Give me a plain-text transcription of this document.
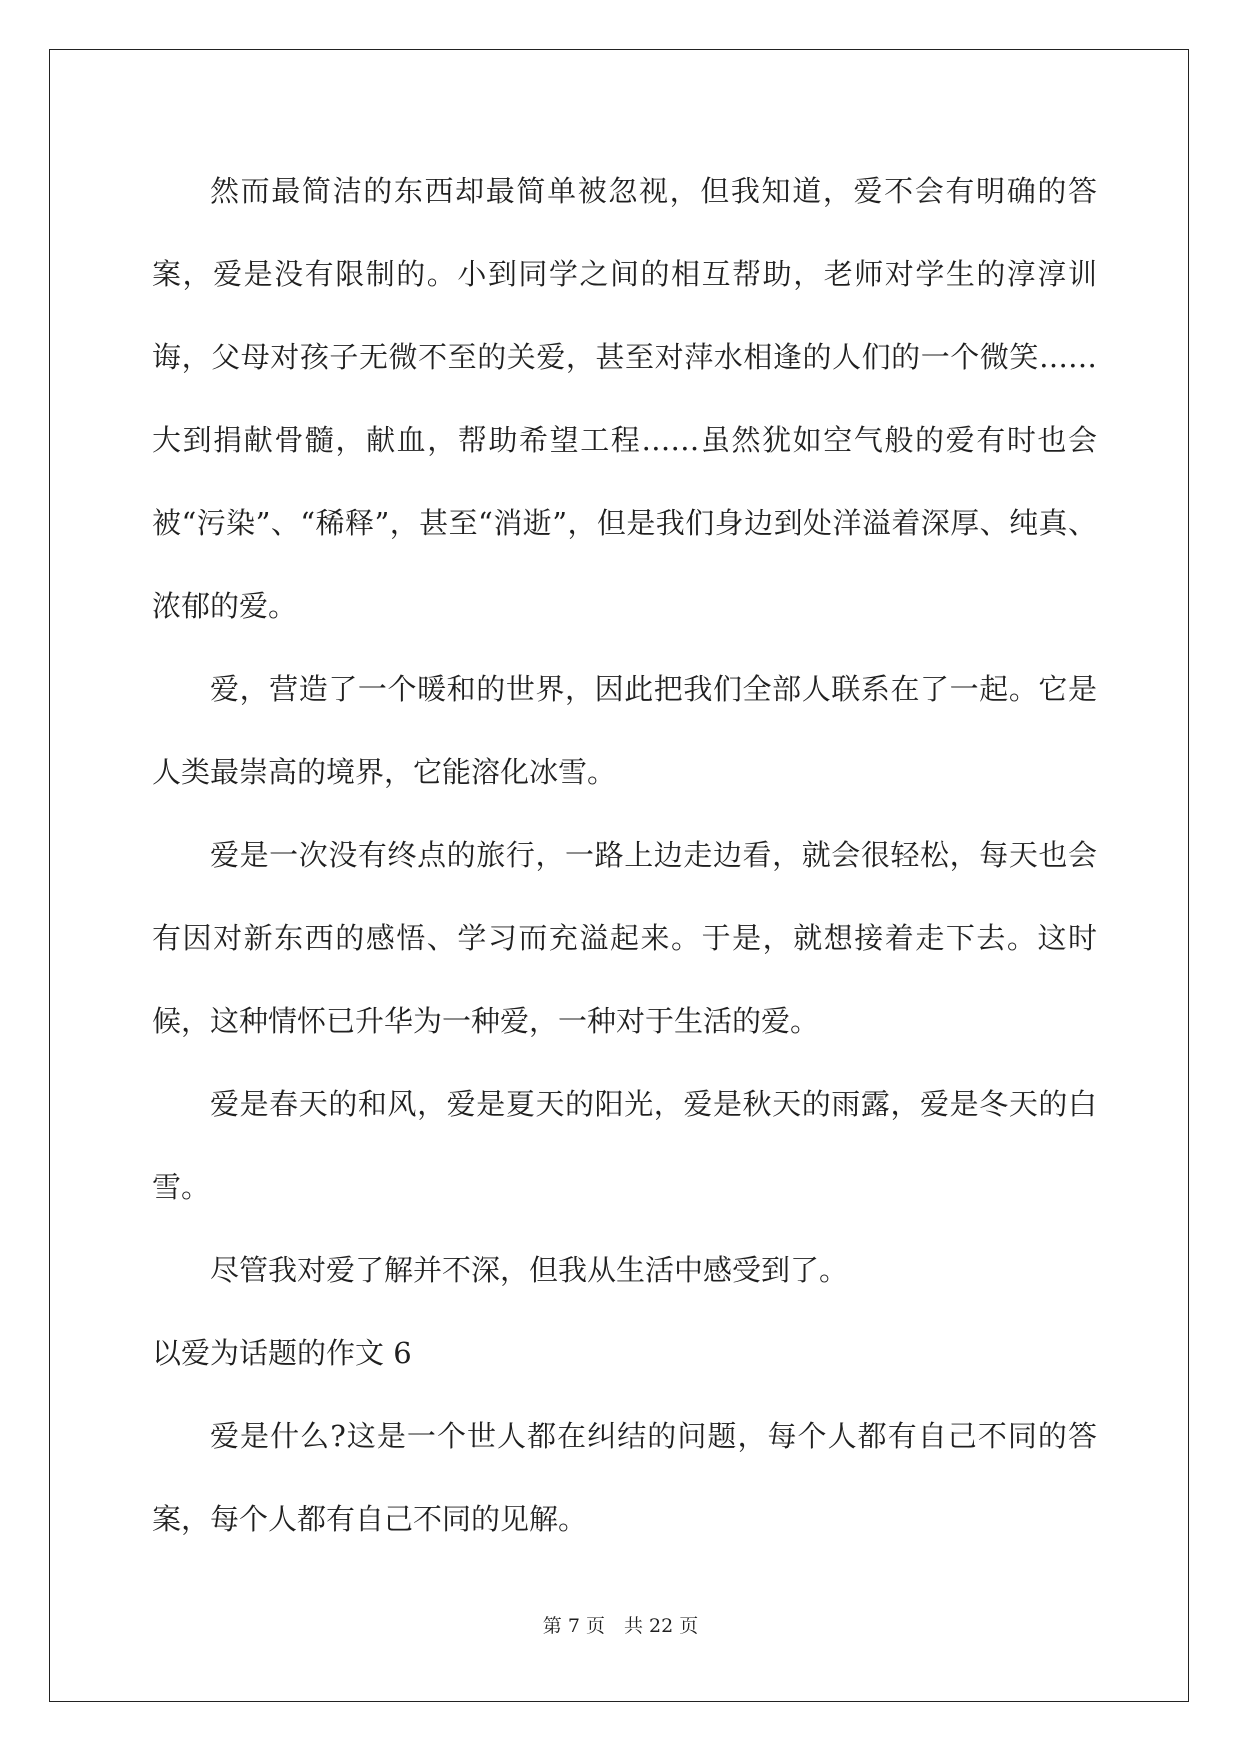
然而最简洁的东西却最简单被忽视，但我知道，爱不会有明确的答案，爱是没有限制的。小到同学之间的相互帮助，老师对学生的淳淳训诲，父母对孩子无微不至的关爱，甚至对萍水相逢的人们的一个微笑……大到捐献骨髓，献血，帮助希望工程……虽然犹如空气般的爱有时也会被“污染”、“稀释”，甚至“消逝”，但是我们身边到处洋溢着深厚、纯真、浓郁的爱。

爱，营造了一个暖和的世界，因此把我们全部人联系在了一起。它是人类最崇高的境界，它能溶化冰雪。

爱是一次没有终点的旅行，一路上边走边看，就会很轻松，每天也会有因对新东西的感悟、学习而充溢起来。于是，就想接着走下去。这时候，这种情怀已升华为一种爱，一种对于生活的爱。

爱是春天的和风，爱是夏天的阳光，爱是秋天的雨露，爱是冬天的白雪。

尽管我对爱了解并不深，但我从生活中感受到了。

以爱为话题的作文 6

爱是什么?这是一个世人都在纠结的问题，每个人都有自己不同的答案，每个人都有自己不同的见解。

第 7 页　共 22 页
